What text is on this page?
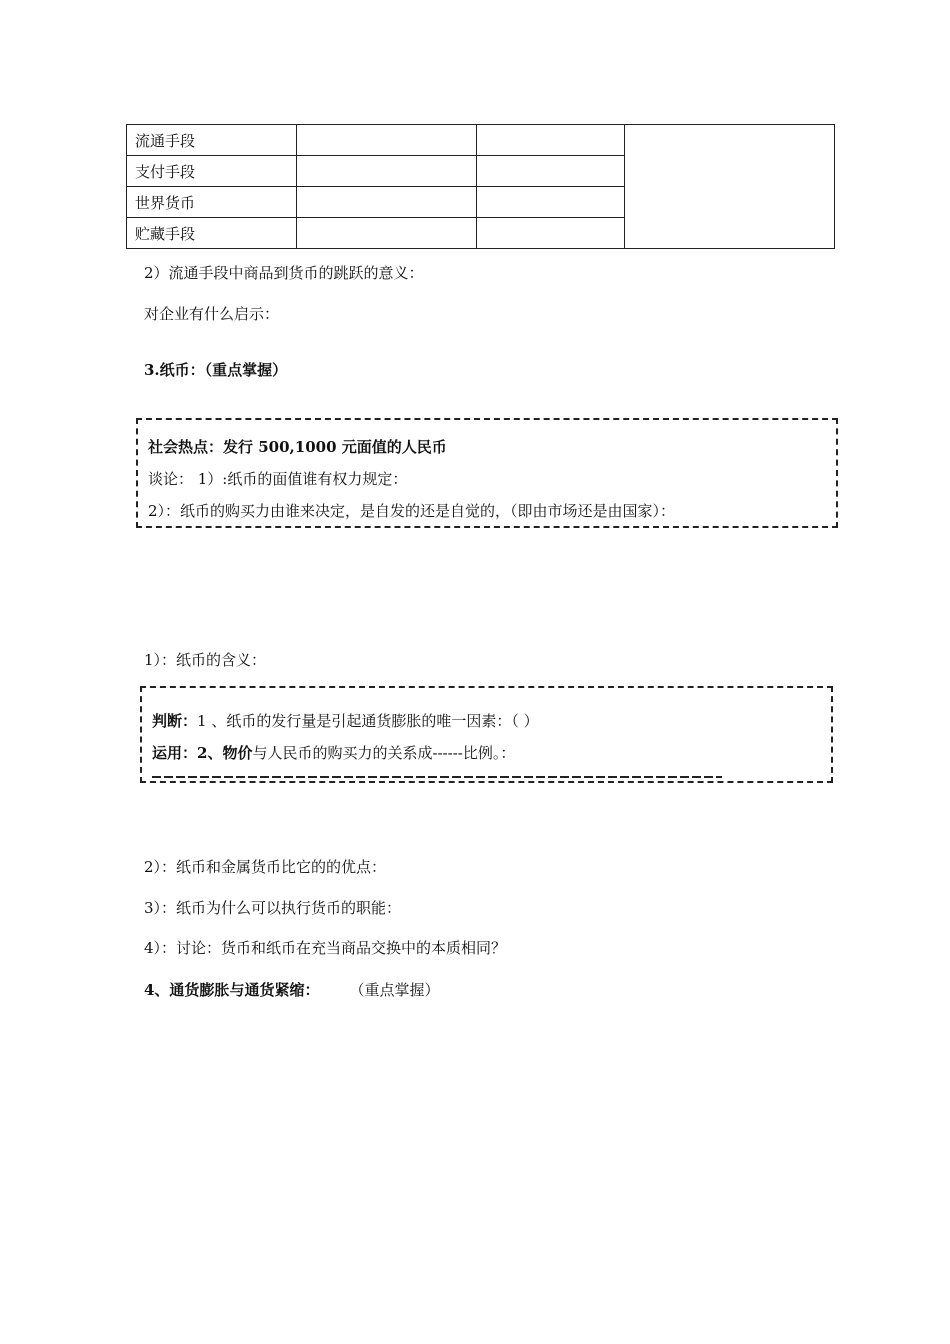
流通手段			
支付手段			
世界货币			
贮藏手段			
2）流通手段中商品到货币的跳跃的意义：
对企业有什么启示：
3.纸币：（重点掌握）
社会热点：发行 500,1000 元面值的人民币
谈论： 1）:纸币的面值谁有权力规定：
2）：纸币的购买力由谁来决定，是自发的还是自觉的，（即由市场还是由国家）：
1）：纸币的含义：
判断：1 、纸币的发行量是引起通货膨胀的唯一因素：（ ）
运用：2、物价与人民币的购买力的关系成------比例。：
2）：纸币和金属货币比它的的优点：
3）：纸币为什么可以执行货币的职能：
4）：讨论：货币和纸币在充当商品交换中的本质相同？
4、通货膨胀与通货紧缩： （重点掌握）
